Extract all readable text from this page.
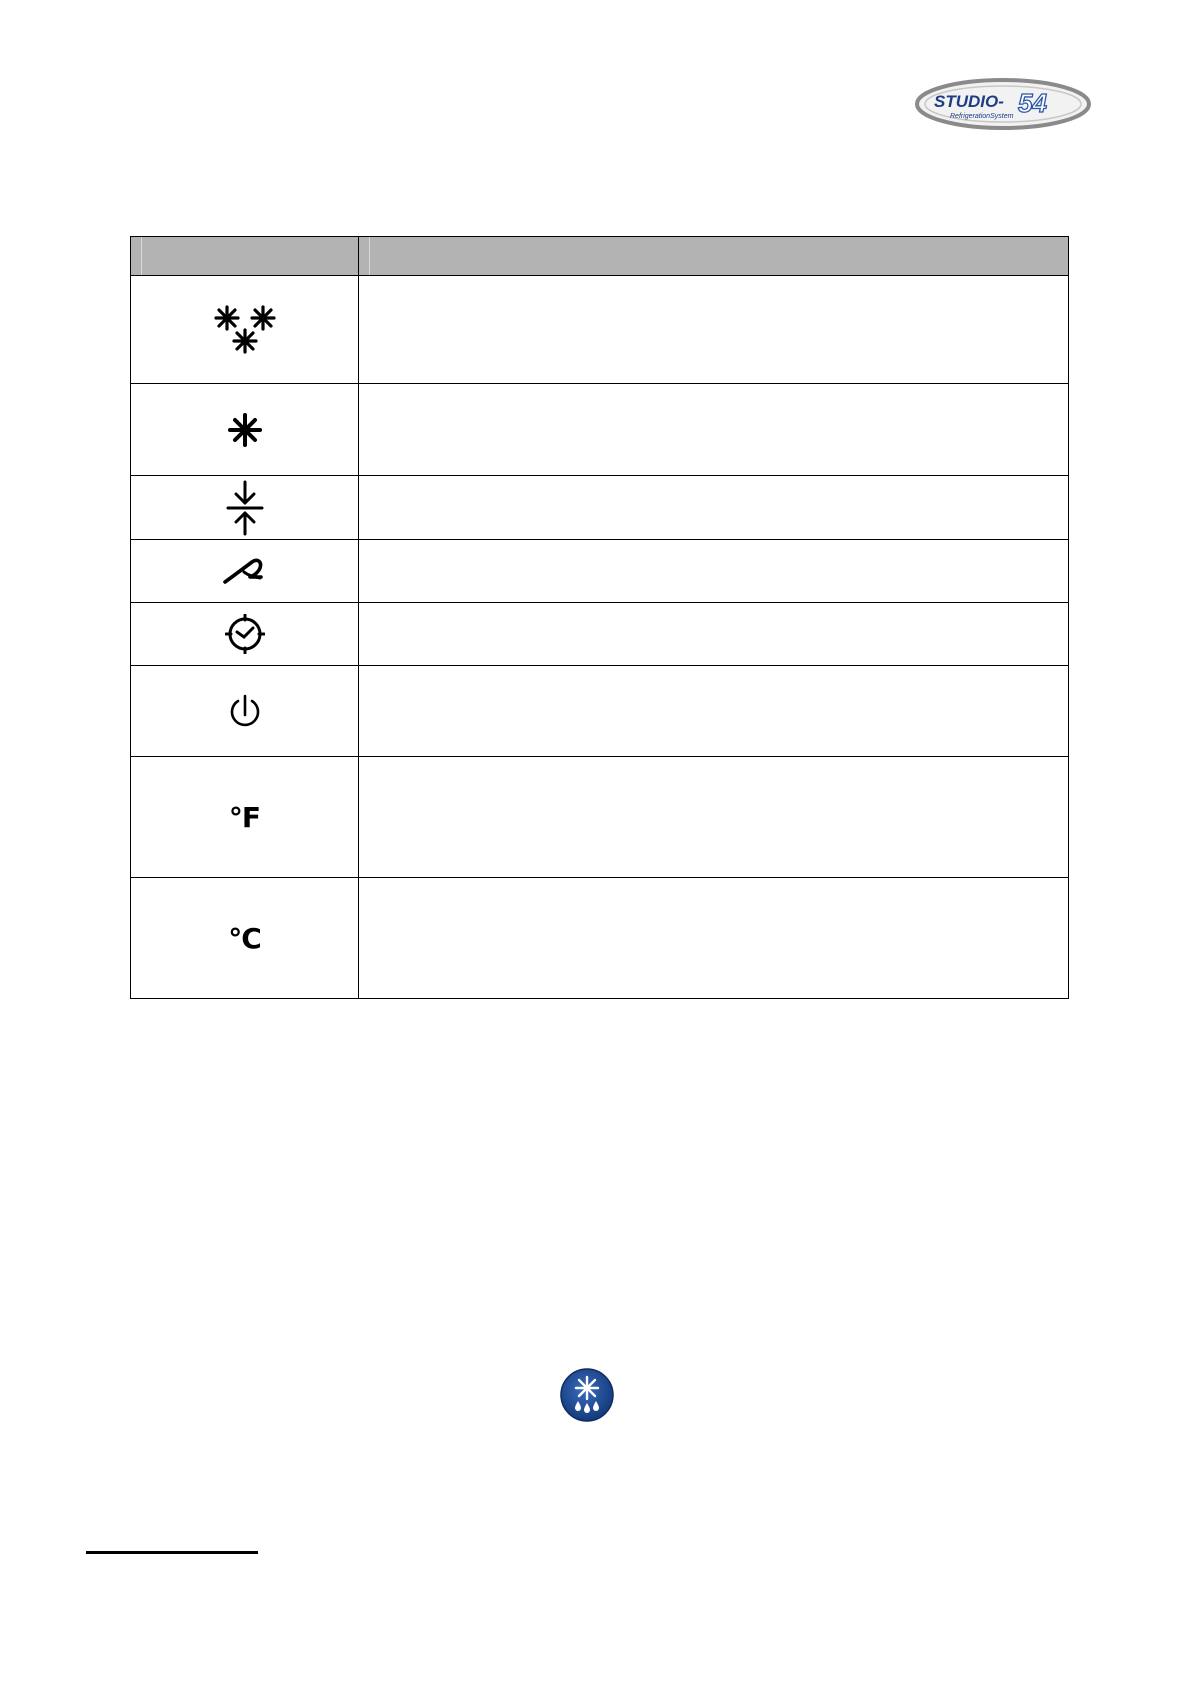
STUDIO- 54
RefrigerationSystem

°F	
°C	
